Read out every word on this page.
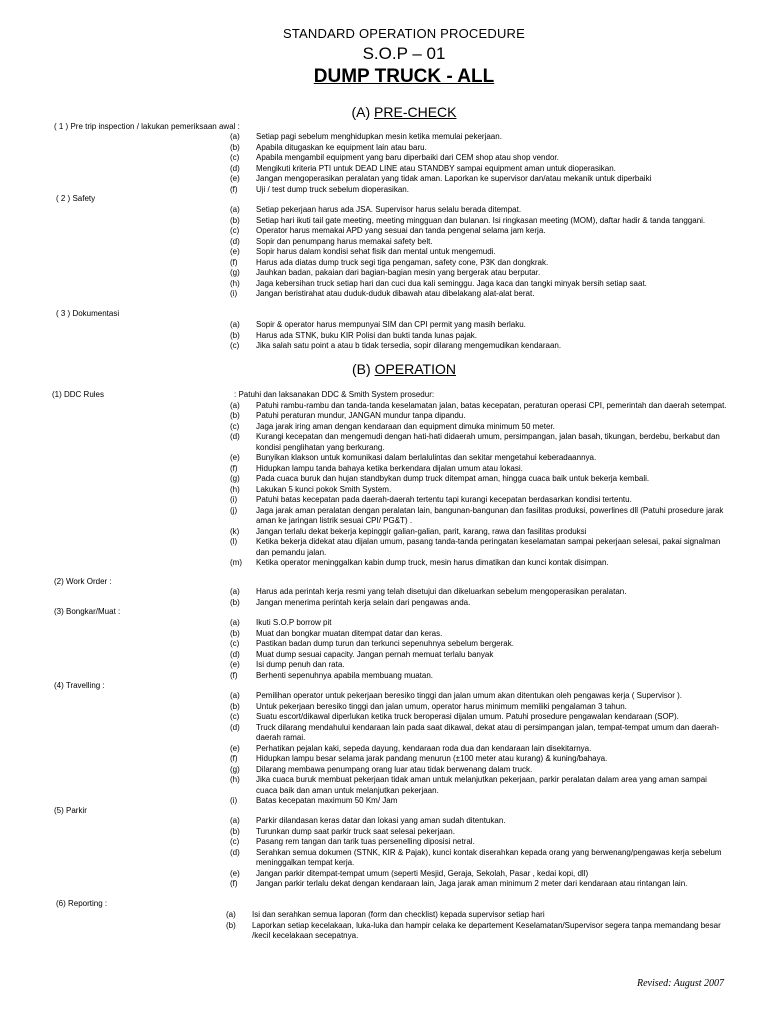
STANDARD OPERATION PROCEDURE
S.O.P – 01
DUMP TRUCK - ALL
(A) PRE-CHECK
( 1 ) Pre trip inspection / lakukan pemeriksaan awal :
(a) Setiap pagi sebelum menghidupkan mesin ketika memulai pekerjaan.
(b) Apabila ditugaskan ke equipment lain atau baru.
(c) Apabila mengambil equipment yang baru diperbaiki dari CEM shop atau shop vendor.
(d) Mengikuti kriteria PTI untuk DEAD LINE atau STANDBY sampai equipment aman untuk dioperasikan.
(e) Jangan mengoperasikan peralatan yang tidak aman. Laporkan ke supervisor dan/atau mekanik untuk diperbaiki
(f) Uji / test dump truck sebelum dioperasikan.
( 2 ) Safety
(a) Setiap pekerjaan harus ada JSA. Supervisor harus selalu berada ditempat.
(b) Setiap hari ikuti tail gate meeting, meeting mingguan dan bulanan. Isi ringkasan meeting (MOM), daftar hadir & tanda tanggani.
(c) Operator harus memakai APD yang sesuai dan tanda pengenal selama jam kerja.
(d) Sopir dan penumpang harus memakai safety belt.
(e) Sopir harus dalam kondisi sehat fisik dan mental untuk mengemudi.
(f) Harus ada diatas dump truck segi tiga pengaman, safety cone, P3K dan dongkrak.
(g) Jauhkan badan, pakaian dari bagian-bagian mesin yang bergerak atau berputar.
(h) Jaga kebersihan truck setiap hari dan cuci dua kali seminggu. Jaga kaca dan tangki minyak bersih setiap saat.
(i) Jangan beristirahat atau duduk-duduk dibawah atau dibelakang alat-alat berat.
( 3 ) Dokumentasi
(a) Sopir & operator harus mempunyai SIM dan CPI permit yang masih berlaku.
(b) Harus ada STNK, buku KIR Polisi dan bukti tanda lunas pajak.
(c) Jika salah satu point a atau b tidak tersedia, sopir dilarang mengemudikan kendaraan.
(B) OPERATION
(1) DDC Rules	: Patuhi dan laksanakan DDC & Smith System prosedur:
(a) Patuhi rambu-rambu dan tanda-tanda keselamatan jalan, batas kecepatan, peraturan operasi CPI, pemerintah dan daerah setempat.
(b) Patuhi peraturan mundur, JANGAN mundur tanpa dipandu.
(c) Jaga jarak iring aman dengan kendaraan dan equipment dimuka minimum 50 meter.
(d) Kurangi kecepatan dan mengemudi dengan hati-hati didaerah umum, persimpangan, jalan basah, tikungan, berdebu, berkabut dan kondisi penglihatan yang berkurang.
(e) Bunyikan klakson untuk komunikasi dalam berlalulintas dan sekitar mengetahui keberadaannya.
(f) Hidupkan lampu tanda bahaya ketika berkendara dijalan umum atau lokasi.
(g) Pada cuaca buruk dan hujan standbykan dump truck ditempat aman, hingga cuaca baik untuk bekerja kembali.
(h) Lakukan 5 kunci pokok Smith System.
(i) Patuhi batas kecepatan pada daerah-daerah tertentu tapi kurangi kecepatan berdasarkan kondisi tertentu.
(j) Jaga jarak aman peralatan dengan peralatan lain, bangunan-bangunan dan fasilitas produksi, powerlines dll (Patuhi prosedure jarak aman ke jaringan listrik sesuai CPI/ PG&T) .
(k) Jangan terlalu dekat bekerja kepinggir galian-galian, parit, karang, rawa dan fasilitas produksi
(l) Ketika bekerja didekat atau dijalan umum, pasang tanda-tanda peringatan keselamatan sampai pekerjaan selesai, pakai signalman dan pemandu jalan.
(m) Ketika operator meninggalkan kabin dump truck, mesin harus dimatikan dan kunci kontak disimpan.
(2) Work Order :
(a) Harus ada perintah kerja resmi yang telah disetujui dan dikeluarkan sebelum mengoperasikan peralatan.
(b) Jangan menerima perintah kerja selain dari pengawas anda.
(3) Bongkar/Muat :
(a) Ikuti S.O.P borrow pit
(b) Muat dan bongkar muatan ditempat datar dan keras.
(c) Pastikan badan dump turun dan terkunci sepenuhnya sebelum bergerak.
(d) Muat dump sesuai capacity. Jangan pernah memuat terlalu banyak
(e) Isi dump penuh dan rata.
(f) Berhenti sepenuhnya apabila membuang muatan.
(4) Travelling :
(a) Pemilihan operator untuk pekerjaan beresiko tinggi dan jalan umum akan ditentukan oleh pengawas kerja ( Supervisor ).
(b) Untuk pekerjaan beresiko tinggi dan jalan umum, operator harus minimum memiliki pengalaman 3 tahun.
(c) Suatu escort/dikawal diperlukan ketika truck beroperasi dijalan umum. Patuhi prosedure pengawalan kendaraan (SOP).
(d) Truck dilarang mendahului kendaraan lain pada saat dikawal, dekat atau di persimpangan jalan, tempat-tempat umum dan daerah-daerah ramai.
(e) Perhatikan pejalan kaki, sepeda dayung, kendaraan roda dua dan kendaraan lain disekitarnya.
(f) Hidupkan lampu besar selama jarak pandang menurun (±100 meter atau kurang) & kuning/bahaya.
(g) Dilarang membawa penumpang orang luar atau tidak berwenang dalam truck.
(h) Jika cuaca buruk membuat pekerjaan tidak aman untuk melanjutkan pekerjaan, parkir peralatan dalam area yang aman sampai cuaca baik dan aman untuk melanjutkan pekerjaan.
(i) Batas kecepatan maximum 50 Km/ Jam
(5) Parkir
(a) Parkir dilandasan keras datar dan lokasi yang aman sudah ditentukan.
(b) Turunkan dump saat parkir truck saat selesai pekerjaan.
(c) Pasang rem tangan dan tarik tuas persenelling diposisi netral.
(d) Serahkan semua dokumen (STNK, KIR & Pajak), kunci kontak diserahkan kepada orang yang berwenang/pengawas kerja sebelum meninggalkan tempat kerja.
(e) Jangan parkir ditempat-tempat umum (seperti Mesjid, Geraja, Sekolah, Pasar , kedai kopi, dll)
(f) Jangan parkir terlalu dekat dengan kendaraan lain, Jaga jarak aman minimum 2 meter dari kendaraan atau rintangan lain.
(6) Reporting :
(a) Isi dan serahkan semua laporan (form dan checklist) kepada supervisor setiap hari
(b) Laporkan setiap kecelakaan, luka-luka dan hampir celaka ke departement Keselamatan/Supervisor segera tanpa memandang besar /kecil kecelakaan secepatnya.
Revised: August 2007
